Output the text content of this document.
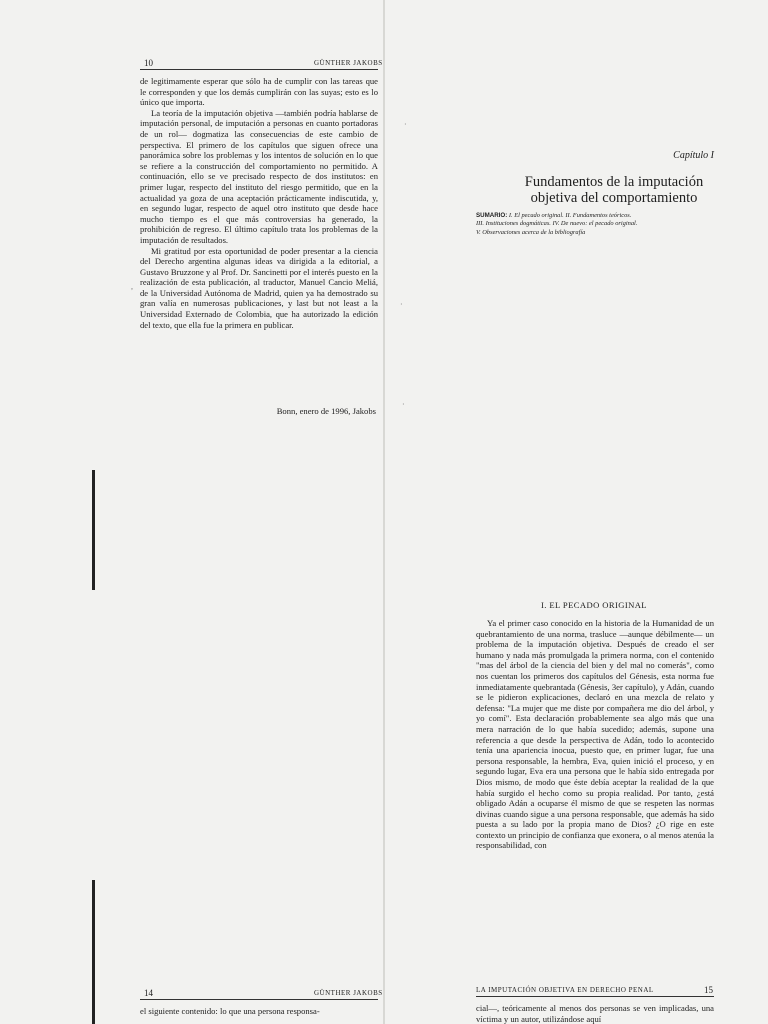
10	GÜNTHER JAKOBS

de legitimamente esperar que sólo ha de cumplir con las tareas que le corresponden y que los demás cumplirán con las suyas; esto es lo único que importa.

La teoría de la imputación objetiva —también podría hablarse de imputación personal, de imputación a personas en cuanto portadoras de un rol— dogmatiza las consecuencias de este cambio de perspectiva. El primero de los capítulos que siguen ofrece una panorámica sobre los problemas y los intentos de solución en lo que se refiere a la construcción del comportamiento no permitido. A continuación, ello se ve precisado respecto de dos institutos: en primer lugar, respecto del instituto del riesgo permitido, que en la actualidad ya goza de una aceptación prácticamente indiscutida, y, en segundo lugar, respecto de aquel otro instituto que desde hace mucho tiempo es el que más controversias ha generado, la prohibición de regreso. El último capítulo trata los problemas de la imputación de resultados.

Mi gratitud por esta oportunidad de poder presentar a la ciencia del Derecho argentina algunas ideas va dirigida a la editorial, a Gustavo Bruzzone y al Prof. Dr. Sancinetti por el interés puesto en la realización de esta publicación, al traductor, Manuel Cancio Meliá, de la Universidad Autónoma de Madrid, quien ya ha demostrado su gran valía en numerosas publicaciones, y last but not least a la Universidad Externado de Colombia, que ha autorizado la edición del texto, que ella fue la primera en publicar.

Bonn, enero de 1996, Jakobs
,
Capítulo I
Fundamentos de la imputación
objetiva del comportamiento
SUMARIO: I. El pecado original. II. Fundamentos teóricos.
III. Instituciones dogmáticas. IV. De nuevo: el pecado original.
V. Observaciones acerca de la bibliografía
·
·
·
14	GÜNTHER JAKOBS

el siguiente contenido: lo que una persona responsa-

I. EL PECADO ORIGINAL

Ya el primer caso conocido en la historia de la Humanidad de un quebrantamiento de una norma, trasluce —aunque débilmente— un problema de la imputación objetiva. Después de creado el ser humano y nada más promulgada la primera norma, con el contenido "mas del árbol de la ciencia del bien y del mal no comerás", como nos cuentan los primeros dos capítulos del Génesis, esta norma fue inmediatamente quebrantada (Génesis, 3er capítulo), y Adán, cuando se le pidieron explicaciones, declaró en una mezcla de relato y defensa: "La mujer que me diste por compañera me dio del árbol, y yo comí". Esta declaración probablemente sea algo más que una mera narración de lo que había sucedido; además, supone una referencia a que desde la perspectiva de Adán, todo lo acontecido tenía una apariencia inocua, puesto que, en primer lugar, fue una persona responsable, la hembra, Eva, quien inició el proceso, y en segundo lugar, Eva era una persona que le había sido entregada por Dios mismo, de modo que éste debía aceptar la realidad de la que había surgido el hecho como su propia realidad. Por tanto, ¿está obligado Adán a ocuparse él mismo de que se respeten las normas divinas cuando sigue a una persona responsable, que además ha sido puesta a su lado por la propia mano de Dios? ¿O rige en este contexto un principio de confianza que exonera, o al menos atenúa la responsabilidad, con

LA IMPUTACIÓN OBJETIVA EN DERECHO PENAL	15

cial—, teóricamente al menos dos personas se ven implicadas, una víctima y un autor, utilizándose aquí
